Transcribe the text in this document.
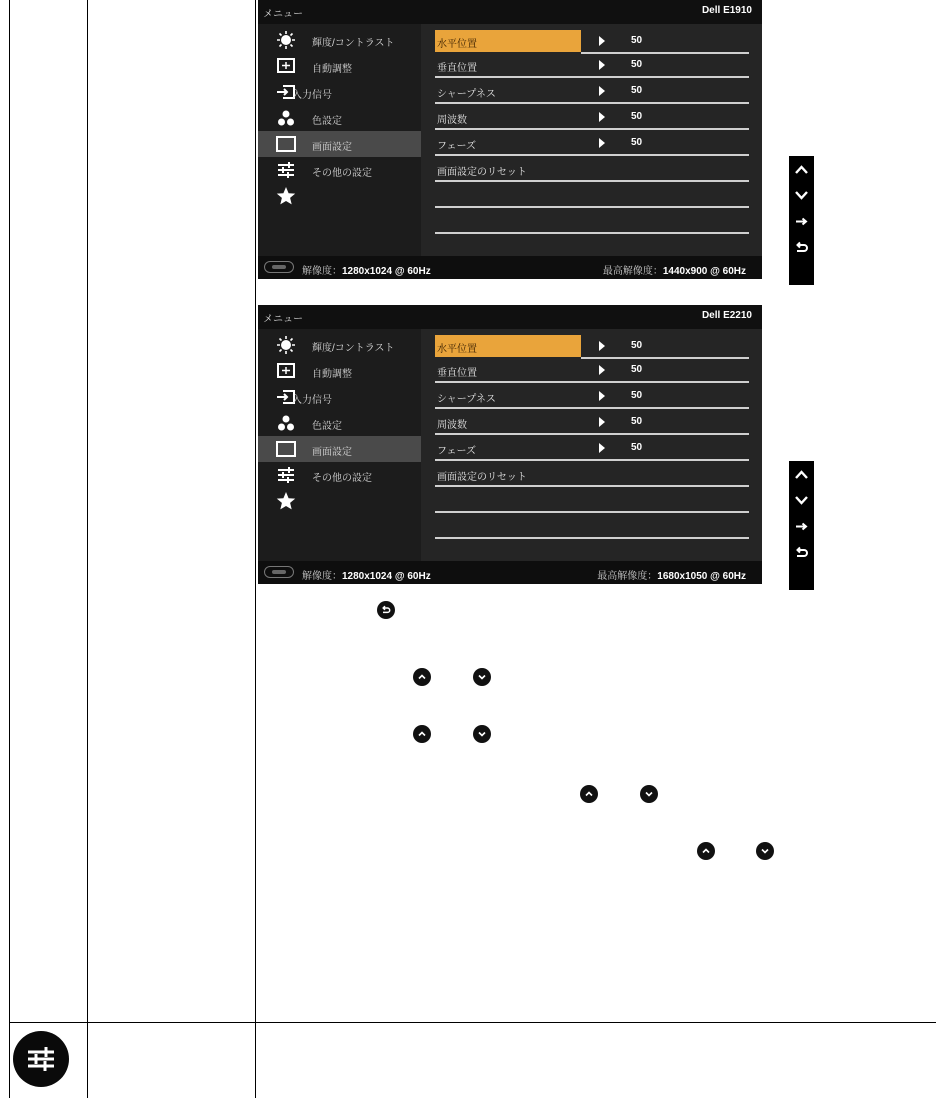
メニュー	Dell E1910
輝度/コントラスト
自動調整
入力信号
色設定
画面設定
その他の設定
水平位置	50
垂直位置	50
シャープネス	50
周波数	50
フェーズ	50
画面設定のリセット
解像度：1280x1024 @ 60Hz	最高解像度：1440x900 @ 60Hz
メニュー	Dell E2210
輝度/コントラスト
自動調整
入力信号
色設定
画面設定
その他の設定
水平位置	50
垂直位置	50
シャープネス	50
周波数	50
フェーズ	50
画面設定のリセット
解像度：1280x1024 @ 60Hz	最高解像度：1680x1050 @ 60Hz
